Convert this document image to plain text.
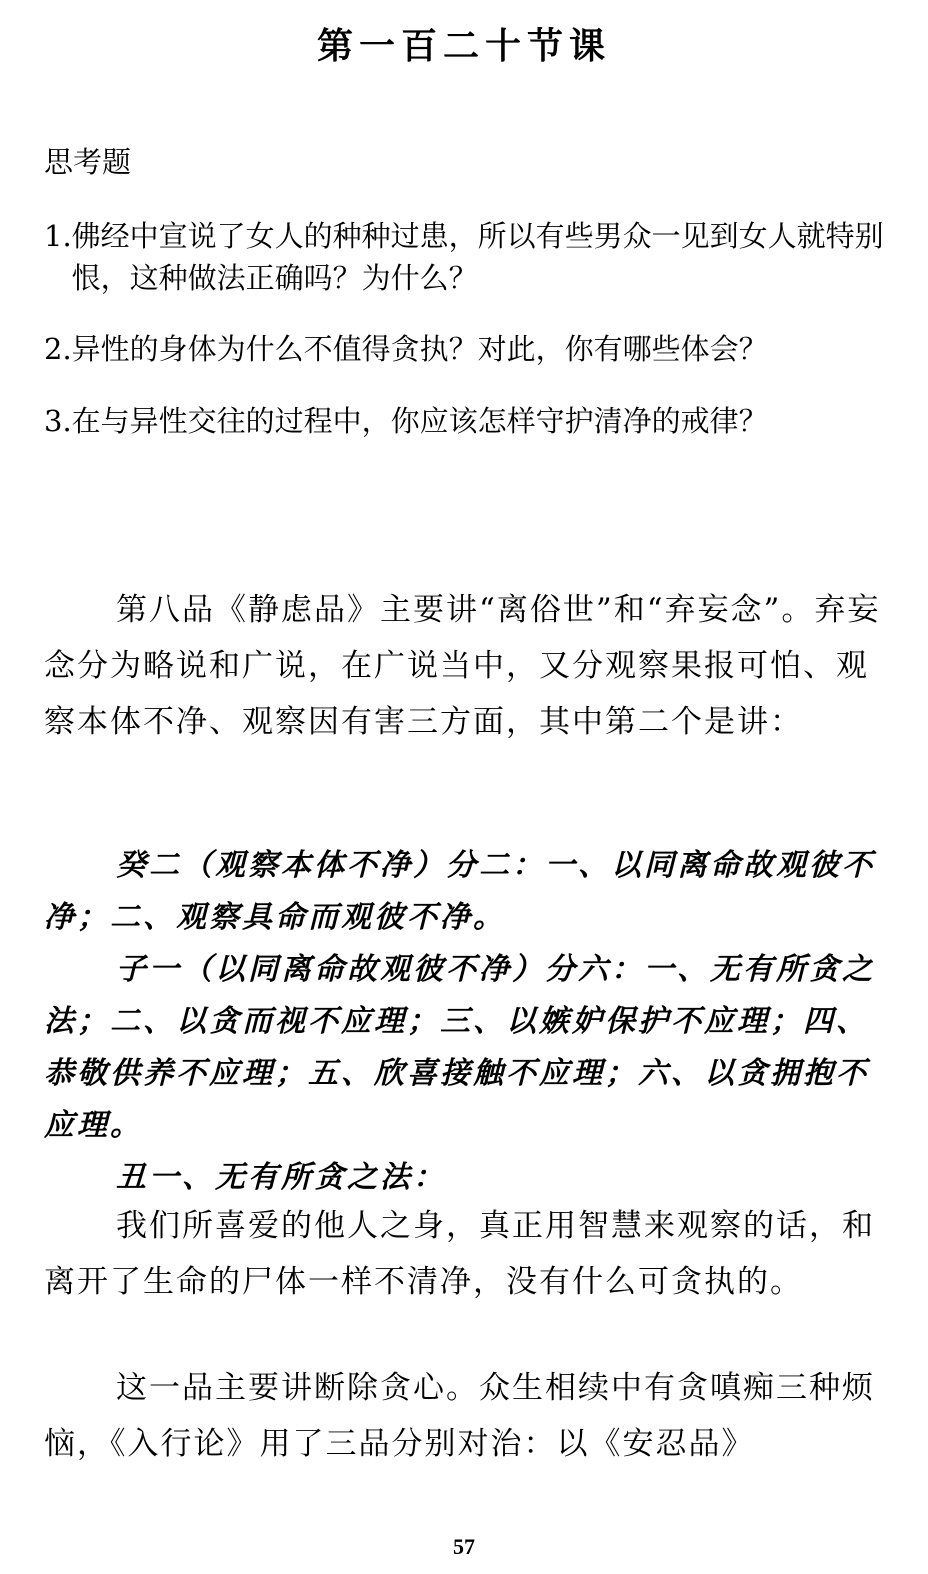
第一百二十节课
思考题
1. 佛经中宣说了女人的种种过患，所以有些男众一见到女人就特别恨，这种做法正确吗？为什么？
2. 异性的身体为什么不值得贪执？对此，你有哪些体会？
3. 在与异性交往的过程中，你应该怎样守护清净的戒律？
第八品《静虑品》主要讲“离俗世”和“弃妄念”。弃妄念分为略说和广说，在广说当中，又分观察果报可怕、观察本体不净、观察因有害三方面，其中第二个是讲：
癸二（观察本体不净）分二：一、以同离命故观彼不净；二、观察具命而观彼不净。
子一（以同离命故观彼不净）分六：一、无有所贪之法；二、以贪而视不应理；三、以嫉妒保护不应理；四、恭敬供养不应理；五、欣喜接触不应理；六、以贪拥抱不应理。
丑一、无有所贪之法：
我们所喜爱的他人之身，真正用智慧来观察的话，和离开了生命的尸体一样不清净，没有什么可贪执的。
这一品主要讲断除贪心。众生相续中有贪嗔痴三种烦恼，《入行论》用了三品分别对治：以《安忍品》
57
